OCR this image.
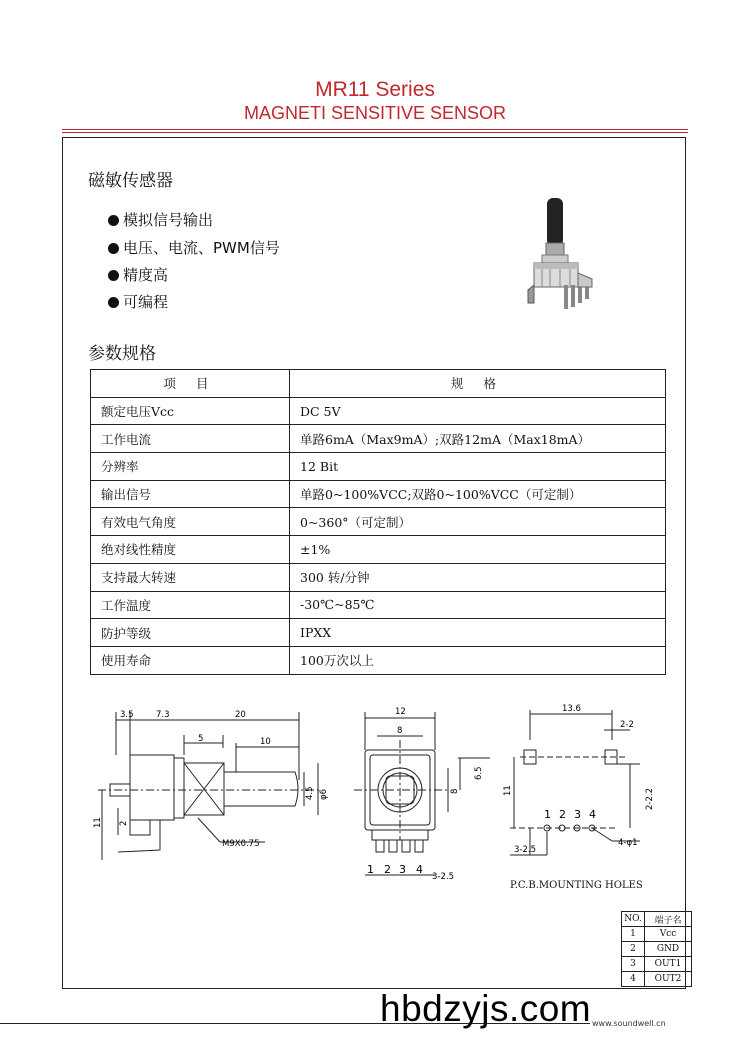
MR11 Series
MAGNETI SENSITIVE SENSOR
磁敏传感器
模拟信号输出
电压、电流、PWM信号
精度高
可编程
参数规格
项 目	规 格
额定电压Vcc	DC 5V
工作电流	单路6mA（Max9mA）;双路12mA（Max18mA）
分辨率	12 Bit
输出信号	单路0~100%VCC;双路0~100%VCC（可定制）
有效电气角度	0~360°（可定制）
绝对线性精度	±1%
支持最大转速	300 转/分钟
工作温度	-30℃~85℃
防护等级	IPXX
使用寿命	100万次以上
3.5	7.3	20
5	10
4.5 φ6
11 2
M9X0.75
12
8
6.5
8
1 2 3 4
3-2.5
13.6
2-2
11	2-2.2
1 2 3 4
3-2.5
4-φ1
P.C.B.MOUNTING HOLES
NO.	端子名
1	Vcc
2	GND
3	OUT1
4	OUT2
hbdzyjs.com www.soundwell.cn
